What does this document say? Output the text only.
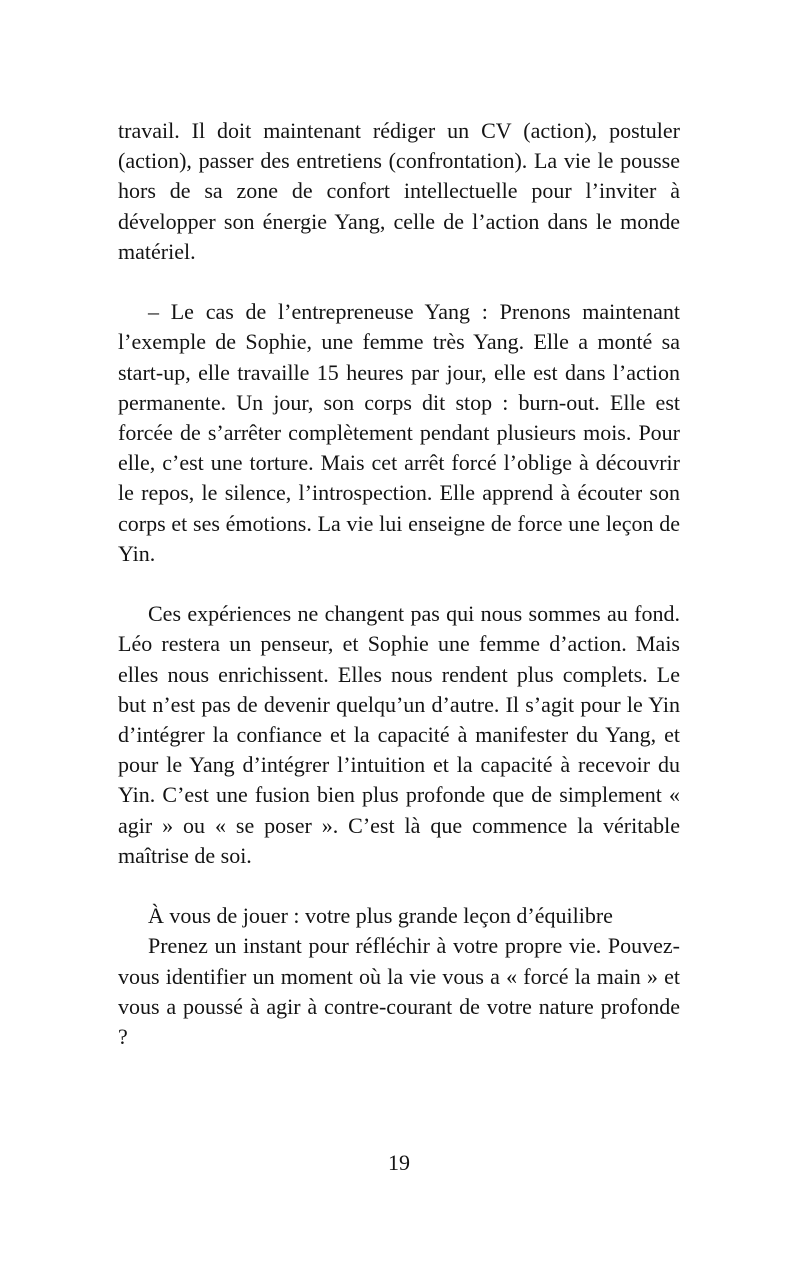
travail. Il doit maintenant rédiger un CV (action), postuler (action), passer des entretiens (confrontation). La vie le pousse hors de sa zone de confort intellectuelle pour l’inviter à développer son énergie Yang, celle de l’action dans le monde matériel.

– Le cas de l’entrepreneuse Yang : Prenons maintenant l’exemple de Sophie, une femme très Yang. Elle a monté sa start-up, elle travaille 15 heures par jour, elle est dans l’action permanente. Un jour, son corps dit stop : burn-out. Elle est forcée de s’arrêter complètement pendant plusieurs mois. Pour elle, c’est une torture. Mais cet arrêt forcé l’oblige à découvrir le repos, le silence, l’introspection. Elle apprend à écouter son corps et ses émotions. La vie lui enseigne de force une leçon de Yin.

Ces expériences ne changent pas qui nous sommes au fond. Léo restera un penseur, et Sophie une femme d’action. Mais elles nous enrichissent. Elles nous rendent plus complets. Le but n’est pas de devenir quelqu’un d’autre. Il s’agit pour le Yin d’intégrer la confiance et la capacité à manifester du Yang, et pour le Yang d’intégrer l’intuition et la capacité à recevoir du Yin. C’est une fusion bien plus profonde que de simplement « agir » ou « se poser ». C’est là que commence la véritable maîtrise de soi.

À vous de jouer : votre plus grande leçon d’équilibre

Prenez un instant pour réfléchir à votre propre vie. Pouvez-vous identifier un moment où la vie vous a « forcé la main » et vous a poussé à agir à contre-courant de votre nature profonde ?

19
